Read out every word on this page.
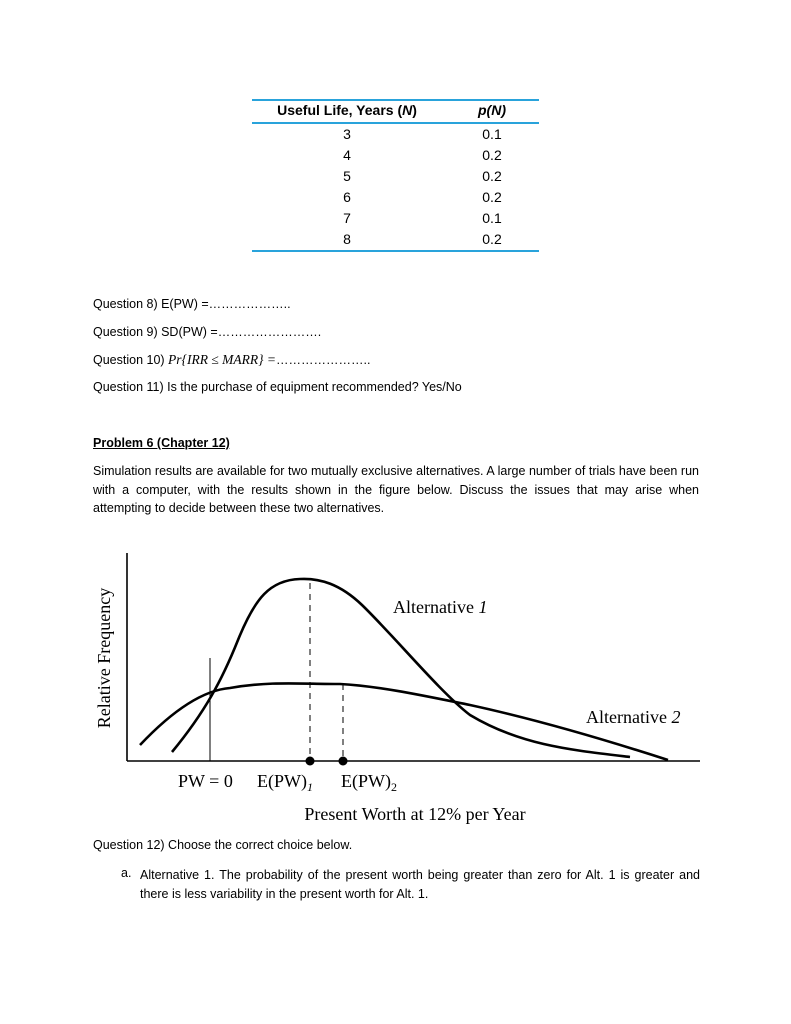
Useful Life, Years (N)	p(N)
3	0.1
4	0.2
5	0.2
6	0.2
7	0.1
8	0.2
Question 8) E(PW) =………………..
Question 9) SD(PW) =…………………….
Question 10) Pr{IRR ≤ MARR} =…………………..
Question 11) Is the purchase of equipment recommended? Yes/No
Problem 6 (Chapter 12)
Simulation results are available for two mutually exclusive alternatives. A large number of trials have been run with a computer, with the results shown in the figure below. Discuss the issues that may arise when attempting to decide between these two alternatives.
Relative Frequency	Alternative 1
Alternative 2
PW = 0 $E(PW)_1$ $E(PW)_2$
Present Worth at 12% per Year
Question 12) Choose the correct choice below.
a. Alternative 1. The probability of the present worth being greater than zero for Alt. 1 is greater and there is less variability in the present worth for Alt. 1.
